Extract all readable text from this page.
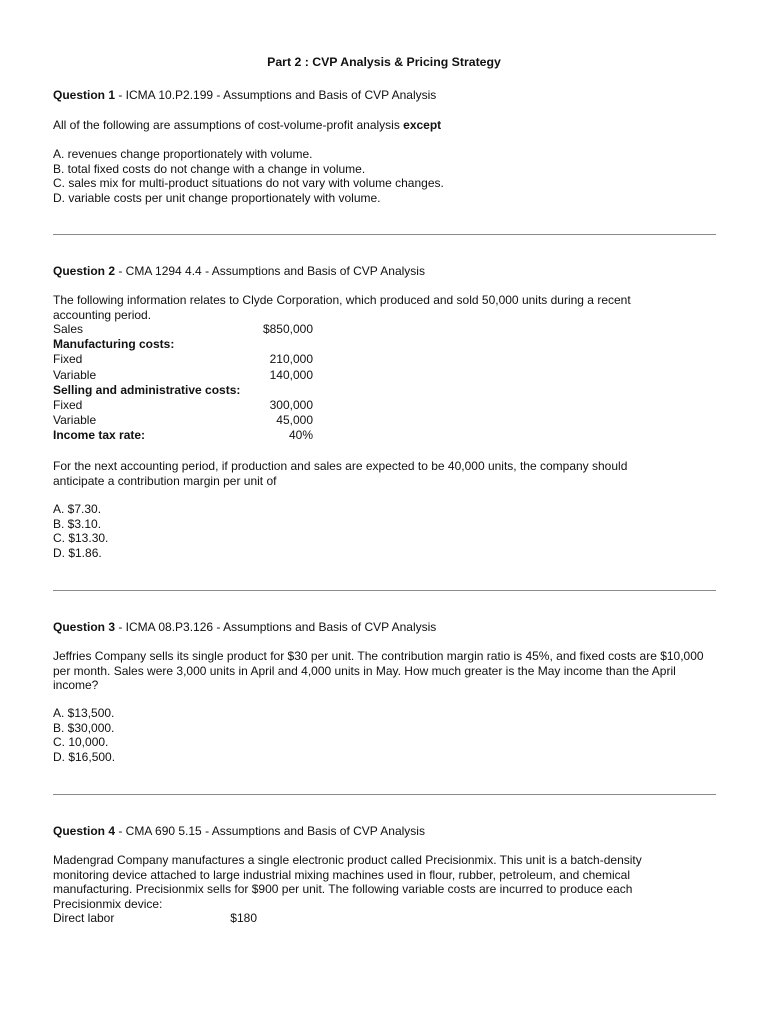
Part 2 : CVP Analysis & Pricing Strategy
Question 1 - ICMA 10.P2.199 - Assumptions and Basis of CVP Analysis
All of the following are assumptions of cost-volume-profit analysis except
A. revenues change proportionately with volume.
B. total fixed costs do not change with a change in volume.
C. sales mix for multi-product situations do not vary with volume changes.
D. variable costs per unit change proportionately with volume.
Question 2 - CMA 1294 4.4 - Assumptions and Basis of CVP Analysis
The following information relates to Clyde Corporation, which produced and sold 50,000 units during a recent accounting period.
Sales	$850,000
Manufacturing costs:
Fixed	210,000
Variable	140,000
Selling and administrative costs:
Fixed	300,000
Variable	45,000
Income tax rate:	40%
For the next accounting period, if production and sales are expected to be 40,000 units, the company should anticipate a contribution margin per unit of
A. $7.30.
B. $3.10.
C. $13.30.
D. $1.86.
Question 3 - ICMA 08.P3.126 - Assumptions and Basis of CVP Analysis
Jeffries Company sells its single product for $30 per unit. The contribution margin ratio is 45%, and fixed costs are $10,000 per month. Sales were 3,000 units in April and 4,000 units in May. How much greater is the May income than the April income?
A. $13,500.
B. $30,000.
C. 10,000.
D. $16,500.
Question 4 - CMA 690 5.15 - Assumptions and Basis of CVP Analysis
Madengrad Company manufactures a single electronic product called Precisionmix. This unit is a batch-density monitoring device attached to large industrial mixing machines used in flour, rubber, petroleum, and chemical manufacturing. Precisionmix sells for $900 per unit. The following variable costs are incurred to produce each Precisionmix device:
Direct labor	$180
